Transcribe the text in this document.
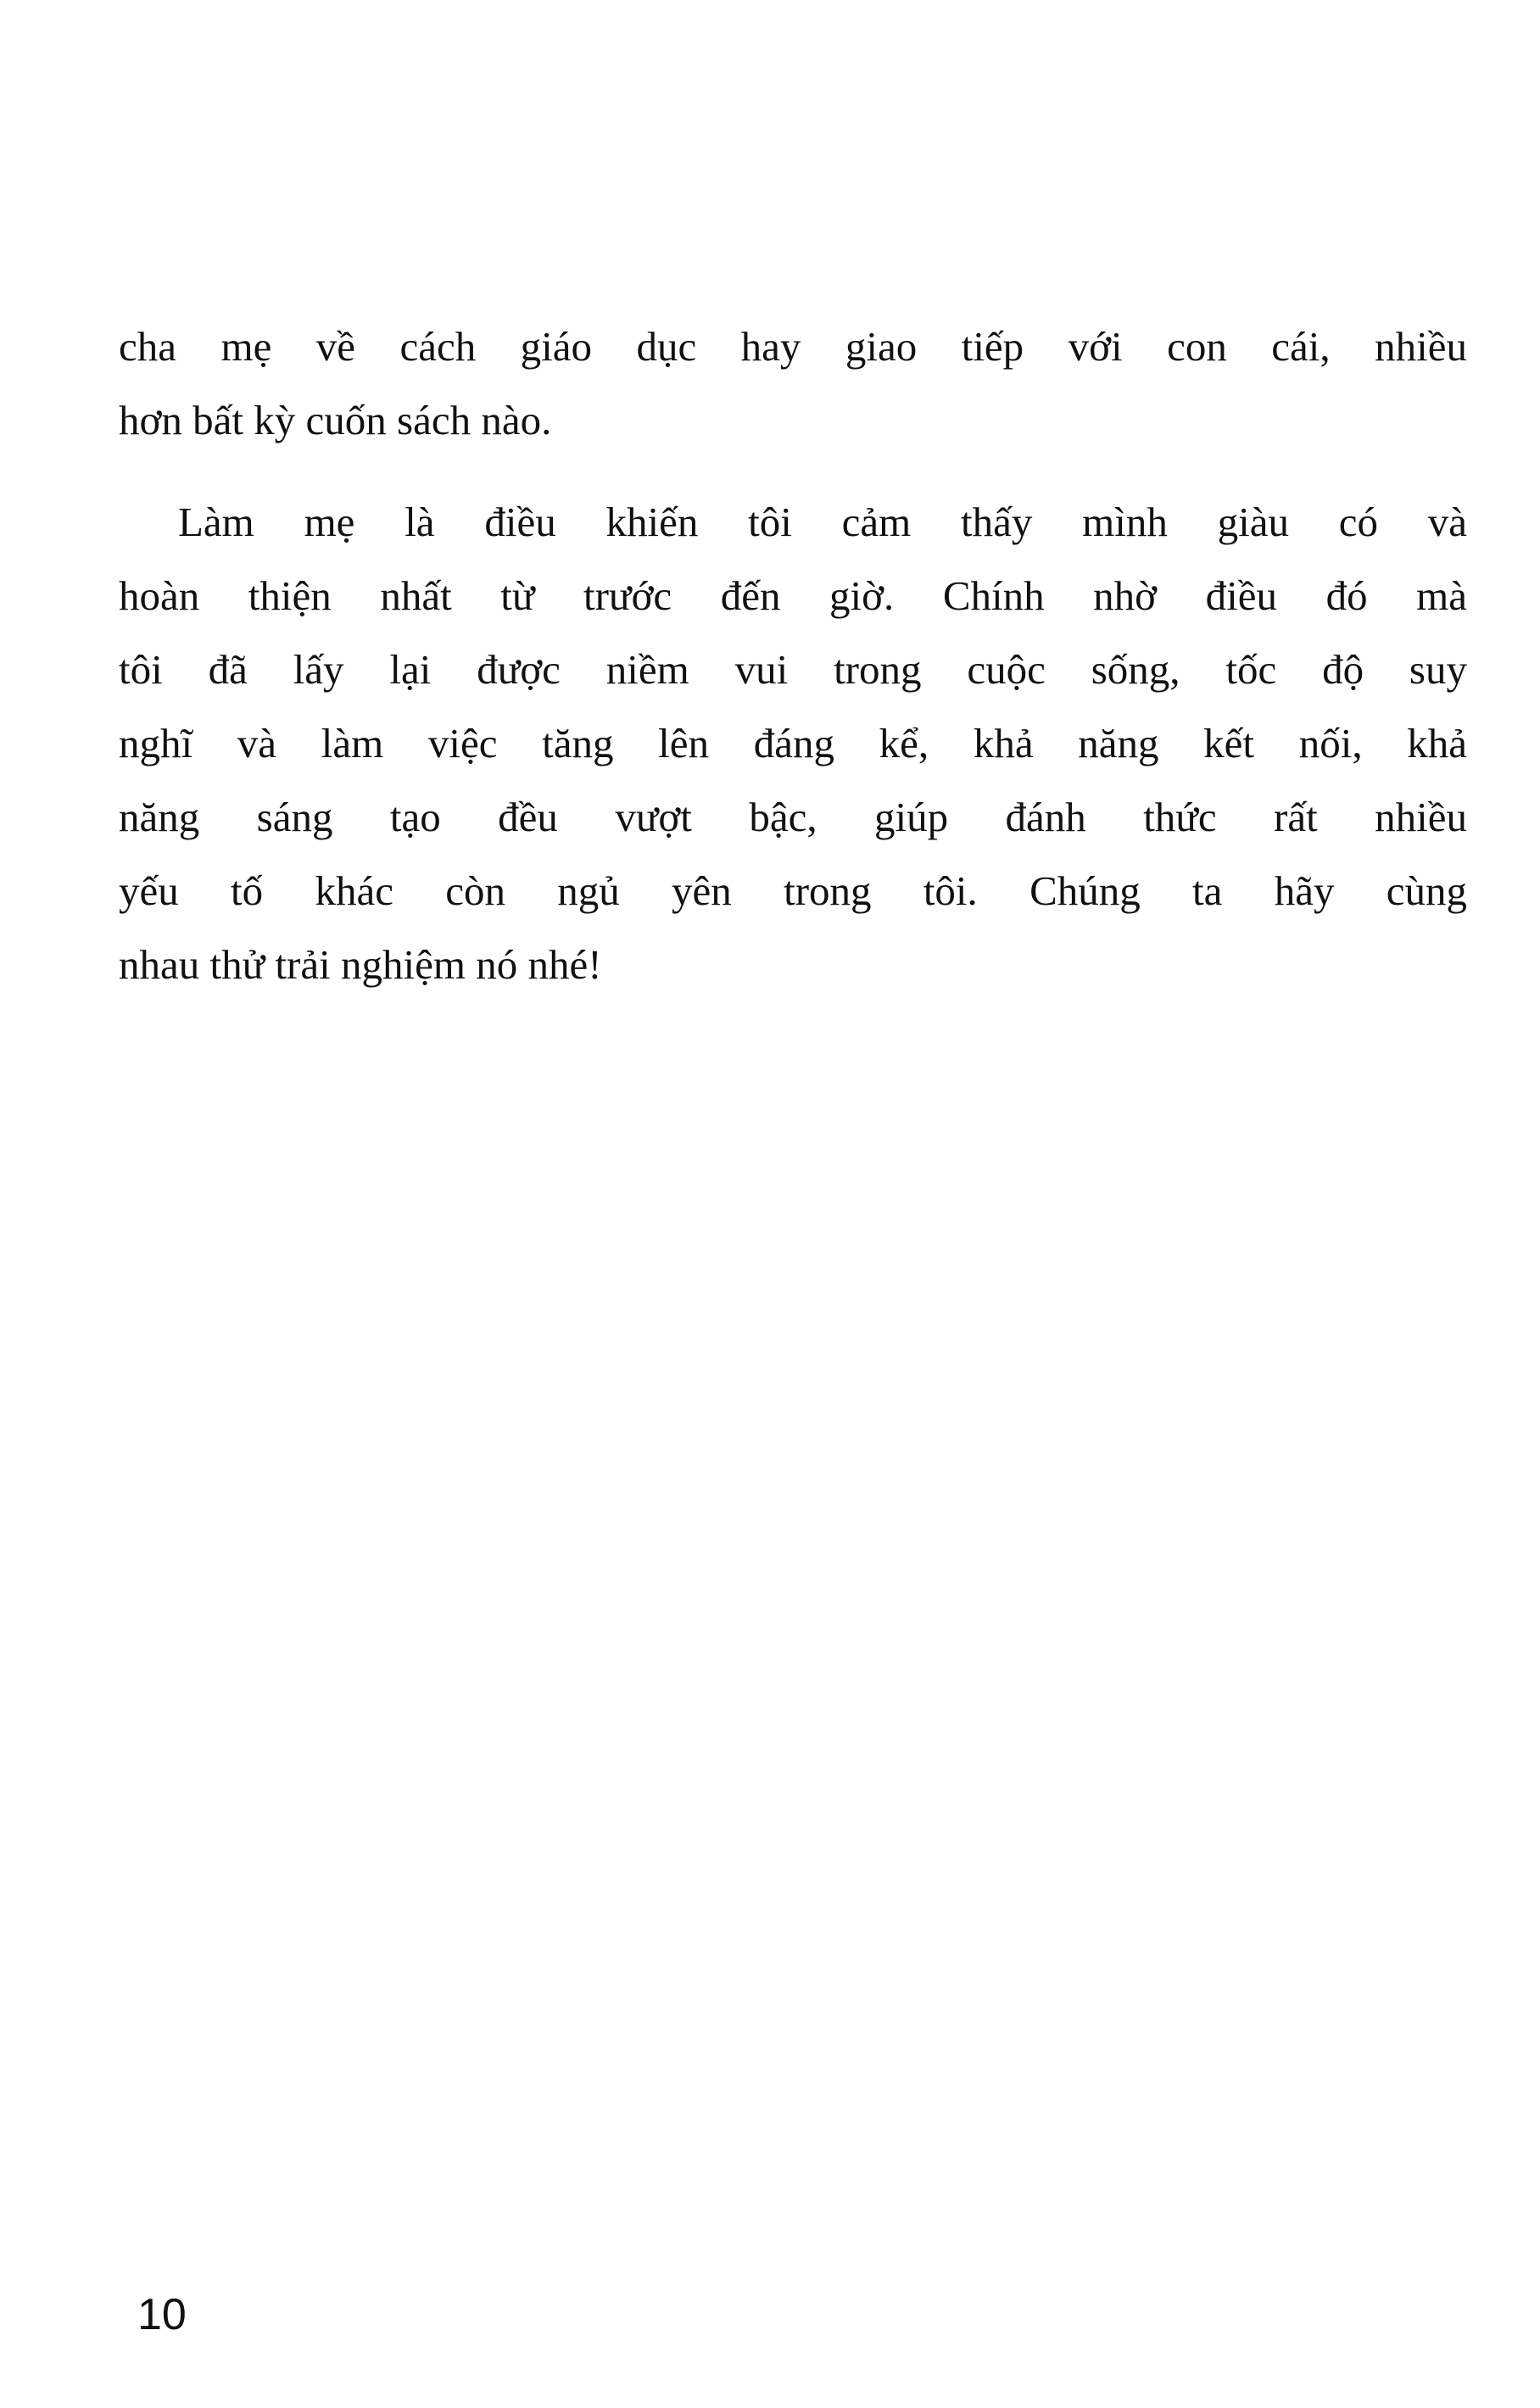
cha mẹ về cách giáo dục hay giao tiếp với con cái, nhiều
hơn bất kỳ cuốn sách nào.
Làm mẹ là điều khiến tôi cảm thấy mình giàu có và
hoàn thiện nhất từ trước đến giờ. Chính nhờ điều đó mà
tôi đã lấy lại được niềm vui trong cuộc sống, tốc độ suy
nghĩ và làm việc tăng lên đáng kể, khả năng kết nối, khả
năng sáng tạo đều vượt bậc, giúp đánh thức rất nhiều
yếu tố khác còn ngủ yên trong tôi. Chúng ta hãy cùng
nhau thử trải nghiệm nó nhé!
10
